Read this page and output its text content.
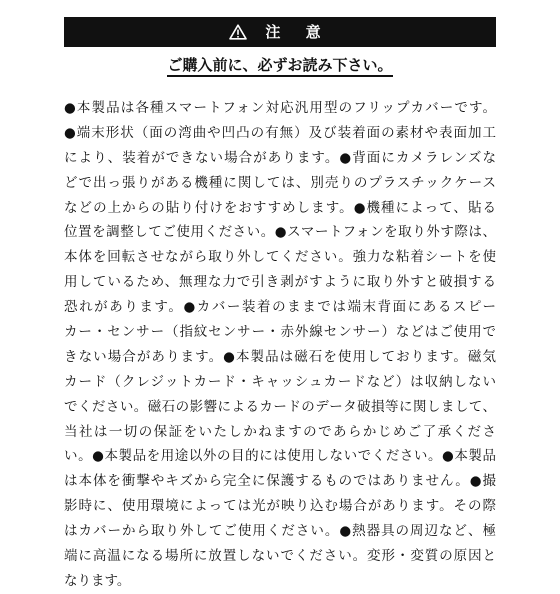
注 意
ご購入前に、必ずお読み下さい。
●本製品は各種スマートフォン対応汎用型のフリップカバーです。
●端末形状（面の湾曲や凹凸の有無）及び装着面の素材や表面加工
により、装着ができない場合があります。●背面にカメラレンズな
どで出っ張りがある機種に関しては、別売りのプラスチックケース
などの上からの貼り付けをおすすめします。●機種によって、貼る
位置を調整してご使用ください。●スマートフォンを取り外す際は、
本体を回転させながら取り外してください。強力な粘着シートを使
用しているため、無理な力で引き剥がすように取り外すと破損する
恐れがあります。●カバー装着のままでは端末背面にあるスピー
カー・センサー（指紋センサー・赤外線センサー）などはご使用で
きない場合があります。●本製品は磁石を使用しております。磁気
カード（クレジットカード・キャッシュカードなど）は収納しない
でください。磁石の影響によるカードのデータ破損等に関しまして、
当社は一切の保証をいたしかねますのであらかじめご了承くださ
い。●本製品を用途以外の目的には使用しないでください。●本製品
は本体を衝撃やキズから完全に保護するものではありません。●撮
影時に、使用環境によっては光が映り込む場合があります。その際
はカバーから取り外してご使用ください。●熱器具の周辺など、極
端に高温になる場所に放置しないでください。変形・変質の原因と
なります。
